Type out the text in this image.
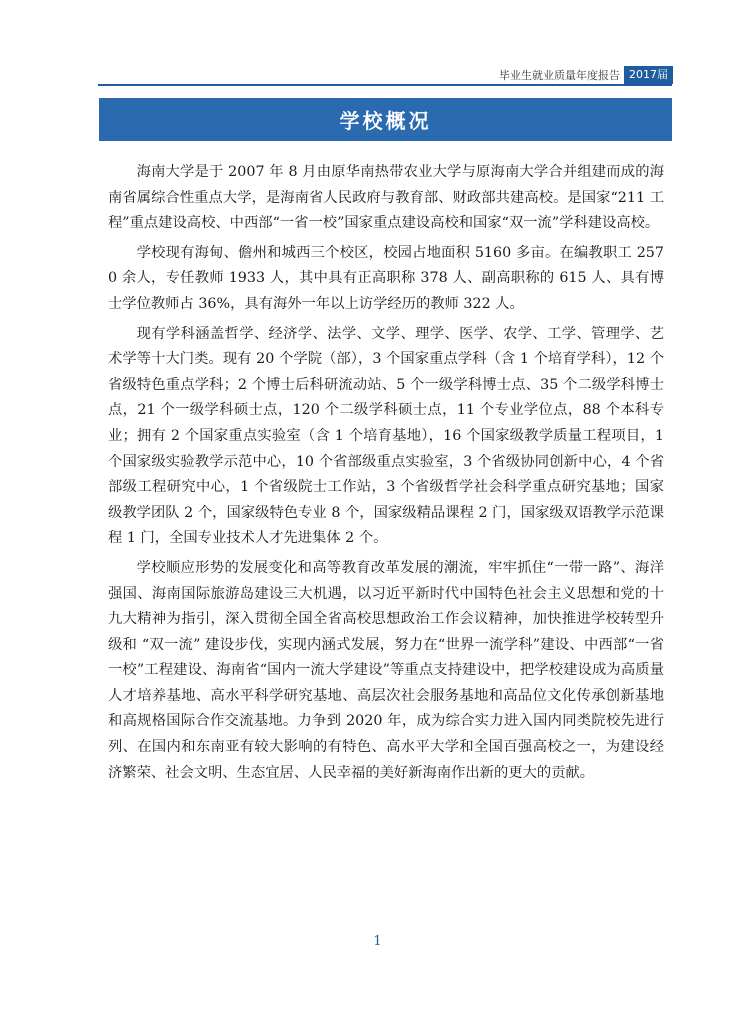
毕业生就业质量年度报告 2017届
学校概况

海南大学是于 2007 年 8 月由原华南热带农业大学与原海南大学合并组建而成的海南省属综合性重点大学，是海南省人民政府与教育部、财政部共建高校。是国家“211 工程”重点建设高校、中西部“一省一校”国家重点建设高校和国家“双一流”学科建设高校。

学校现有海甸、儋州和城西三个校区，校园占地面积 5160 多亩。在编教职工 2570 余人，专任教师 1933 人，其中具有正高职称 378 人、副高职称的 615 人、具有博士学位教师占 36%，具有海外一年以上访学经历的教师 322 人。

现有学科涵盖哲学、经济学、法学、文学、理学、医学、农学、工学、管理学、艺术学等十大门类。现有 20 个学院（部），3 个国家重点学科（含 1 个培育学科），12 个省级特色重点学科；2 个博士后科研流动站、5 个一级学科博士点、35 个二级学科博士点，21 个一级学科硕士点，120 个二级学科硕士点，11 个专业学位点，88 个本科专业；拥有 2 个国家重点实验室（含 1 个培育基地），16 个国家级教学质量工程项目，1 个国家级实验教学示范中心，10 个省部级重点实验室，3 个省级协同创新中心，4 个省部级工程研究中心，1 个省级院士工作站，3 个省级哲学社会科学重点研究基地；国家级教学团队 2 个，国家级特色专业 8 个，国家级精品课程 2 门，国家级双语教学示范课程 1 门，全国专业技术人才先进集体 2 个。

学校顺应形势的发展变化和高等教育改革发展的潮流，牢牢抓住“一带一路”、海洋强国、海南国际旅游岛建设三大机遇，以习近平新时代中国特色社会主义思想和党的十九大精神为指引，深入贯彻全国全省高校思想政治工作会议精神，加快推进学校转型升级和 “双一流” 建设步伐，实现内涵式发展，努力在“世界一流学科”建设、中西部“一省一校”工程建设、海南省“国内一流大学建设”等重点支持建设中，把学校建设成为高质量人才培养基地、高水平科学研究基地、高层次社会服务基地和高品位文化传承创新基地和高规格国际合作交流基地。力争到 2020 年，成为综合实力进入国内同类院校先进行列、在国内和东南亚有较大影响的有特色、高水平大学和全国百强高校之一，为建设经济繁荣、社会文明、生态宜居、人民幸福的美好新海南作出新的更大的贡献。

1
